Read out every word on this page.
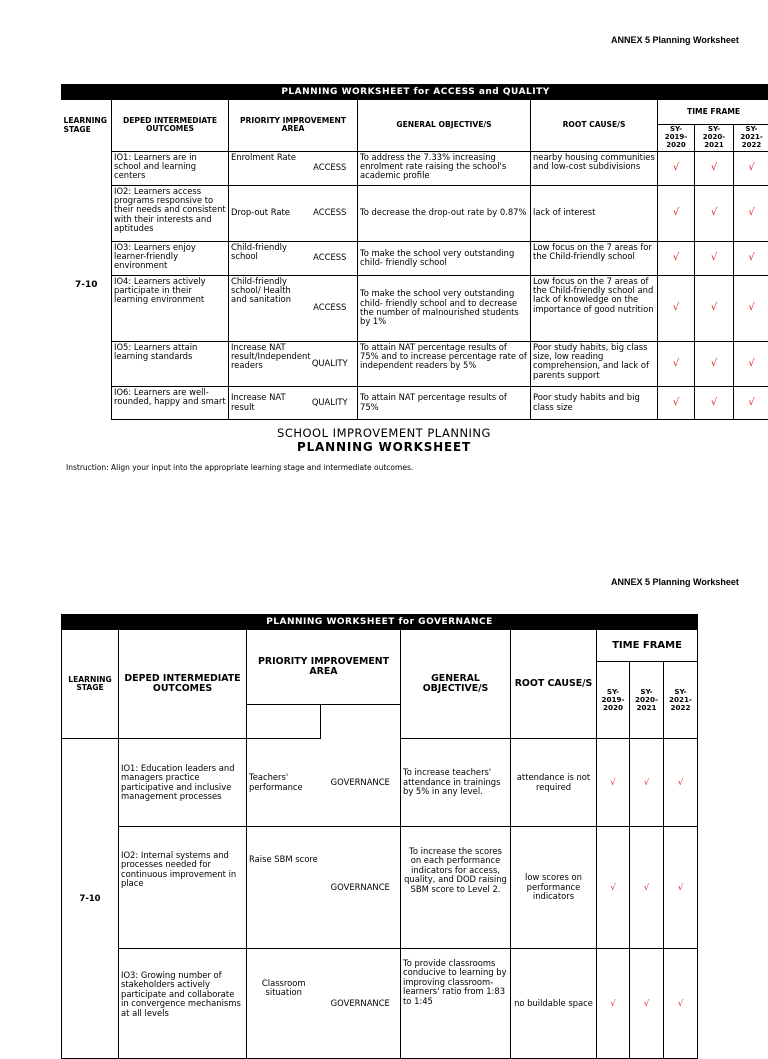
ANNEX 5 Planning Worksheet
PLANNING WORKSHEET for ACCESS and QUALITY								
LEARNING STAGE	DEPED INTERMEDIATE OUTCOMES	PRIORITY IMPROVEMENT AREA		GENERAL OBJECTIVE/S	ROOT CAUSE/S	TIME FRAME		
						SY-2019-2020	SY-2020-2021	SY-2021-2022
7-10	IO1: Learners are in school and learning centers	Enrolment Rate	ACCESS	To address the 7.33% increasing enrolment rate raising the school's academic profile	nearby housing communities and low-cost subdivisions	√	√	√
	IO2: Learners access programs responsive to their needs and consistent with their interests and aptitudes	Drop-out Rate	ACCESS	To decrease the drop-out rate by 0.87%	lack of interest	√	√	√
	IO3: Learners enjoy learner-friendly environment	Child-friendly school	ACCESS	To make the school very outstanding child- friendly school	Low focus on the 7 areas for the Child-friendly school	√	√	√
	IO4: Learners actively participate in their learning environment	Child-friendly school/ Health and sanitation	ACCESS	To make the school very outstanding child- friendly school and to decrease the number of malnourished students by 1%	Low focus on the 7 areas of the Child-friendly school and lack of knowledge on the importance of good nutrition	√	√	√
	IO5: Learners attain learning standards	Increase NAT result/Independent readers	QUALITY	To attain NAT percentage results of 75% and to increase percentage rate of independent readers by 5%	Poor study habits, big class size, low reading comprehension, and lack of parents support	√	√	√
	IO6: Learners are well-rounded, happy and smart	Increase NAT result	QUALITY	To attain NAT percentage results of 75%	Poor study habits and big class size	√	√	√
SCHOOL IMPROVEMENT PLANNING
PLANNING WORKSHEET
Instruction: Align your input into the appropriate learning stage and intermediate outcomes.
ANNEX 5 Planning Worksheet
PLANNING WORKSHEET for GOVERNANCE								
LEARNING STAGE	DEPED INTERMEDIATE OUTCOMES	PRIORITY IMPROVEMENT AREA		GENERAL OBJECTIVE/S	ROOT CAUSE/S	TIME FRAME		
						SY-2019-2020	SY-2020-2021	SY-2021-2022

7-10	IO1: Education leaders and managers practice participative and inclusive management processes	Teachers' performance	GOVERNANCE	To increase teachers' attendance in trainings by 5% in any level.	attendance is not required	√	√	√
	IO2: Internal systems and processes needed for continuous improvement in place	Raise SBM score	GOVERNANCE	To increase the scores on each performance indicators for access, quality, and DOD raising SBM score to Level 2.	low scores on performance indicators	√	√	√
	IO3: Growing number of stakeholders actively participate and collaborate in convergence mechanisms at all levels	Classroom situation	GOVERNANCE	To provide classrooms conducive to learning by improving classroom-learners' ratio from 1:83 to 1:45	no buildable space	√	√	√
